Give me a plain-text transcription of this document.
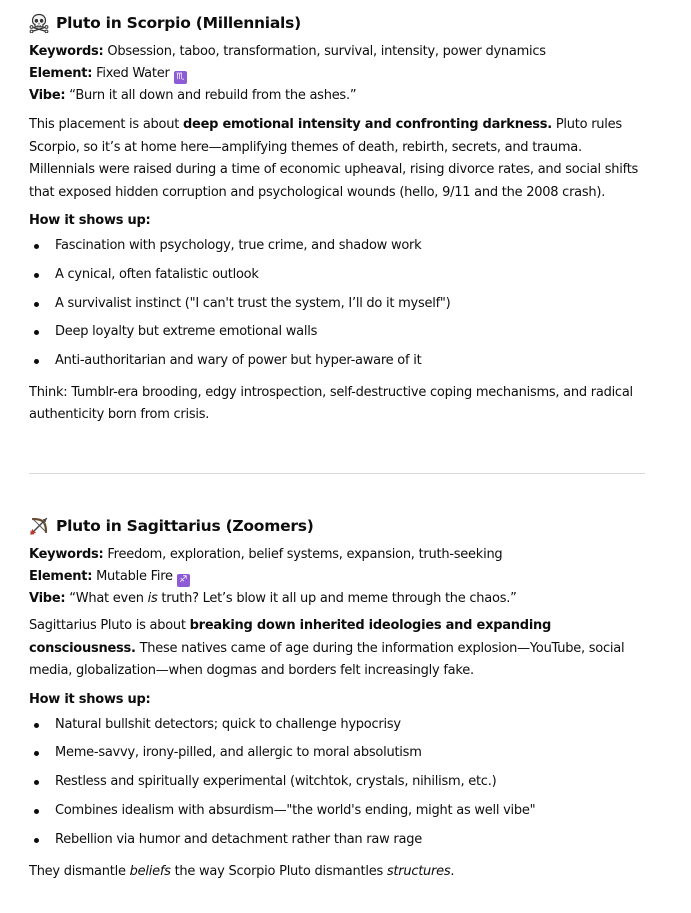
Pluto in Scorpio (Millennials)

Keywords: Obsession, taboo, transformation, survival, intensity, power dynamics

Element: Fixed Water ♏

Vibe: “Burn it all down and rebuild from the ashes.”

This placement is about deep emotional intensity and confronting darkness. Pluto rules Scorpio, so it’s at home here—amplifying themes of death, rebirth, secrets, and trauma. Millennials were raised during a time of economic upheaval, rising divorce rates, and social shifts that exposed hidden corruption and psychological wounds (hello, 9/11 and the 2008 crash).

How it shows up:

Fascination with psychology, true crime, and shadow work
A cynical, often fatalistic outlook
A survivalist instinct ("I can't trust the system, I’ll do it myself")
Deep loyalty but extreme emotional walls
Anti-authoritarian and wary of power but hyper-aware of it

Think: Tumblr-era brooding, edgy introspection, self-destructive coping mechanisms, and radical authenticity born from crisis.

Pluto in Sagittarius (Zoomers)

Keywords: Freedom, exploration, belief systems, expansion, truth-seeking

Element: Mutable Fire ♐

Vibe: “What even is truth? Let’s blow it all up and meme through the chaos.”

Sagittarius Pluto is about breaking down inherited ideologies and expanding consciousness. These natives came of age during the information explosion—YouTube, social media, globalization—when dogmas and borders felt increasingly fake.

How it shows up:

Natural bullshit detectors; quick to challenge hypocrisy
Meme-savvy, irony-pilled, and allergic to moral absolutism
Restless and spiritually experimental (witchtok, crystals, nihilism, etc.)
Combines idealism with absurdism—"the world's ending, might as well vibe"
Rebellion via humor and detachment rather than raw rage

They dismantle beliefs the way Scorpio Pluto dismantles structures.
